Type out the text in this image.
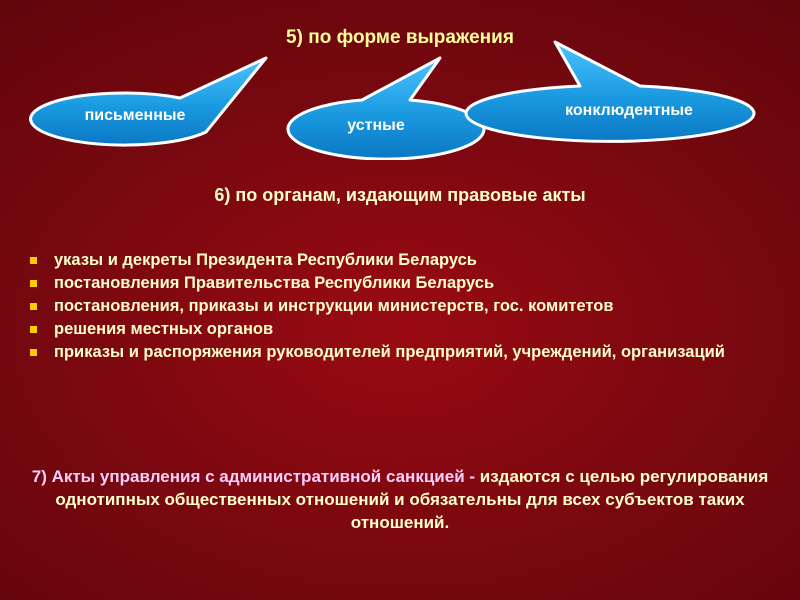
5) по форме выражения

письменные
устные
конклюдентные

6) по органам, издающим правовые акты

указы и декреты Президента Республики Беларусь
постановления Правительства Республики Беларусь
постановления, приказы и инструкции министерств, гос. комитетов
решения местных органов
приказы и распоряжения руководителей предприятий, учреждений, организаций

7) Акты управления с административной санкцией - издаются с целью регулирования однотипных общественных отношений и обязательны для всех субъектов таких отношений.
